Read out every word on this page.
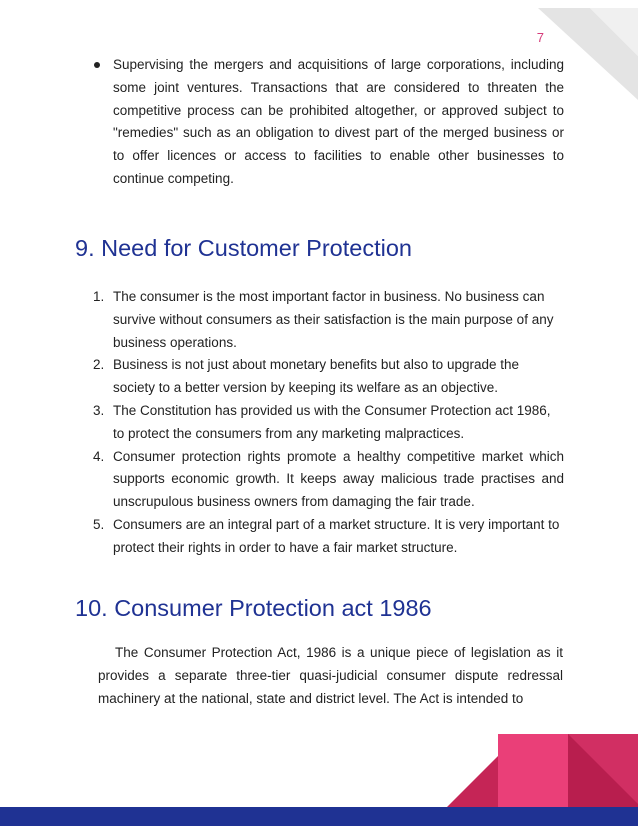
7
Supervising the mergers and acquisitions of large corporations, including some joint ventures. Transactions that are considered to threaten the competitive process can be prohibited altogether, or approved subject to "remedies" such as an obligation to divest part of the merged business or to offer licences or access to facilities to enable other businesses to continue competing.
9. Need for Customer Protection
1. The consumer is the most important factor in business. No business can survive without consumers as their satisfaction is the main purpose of any business operations.
2. Business is not just about monetary benefits but also to upgrade the society to a better version by keeping its welfare as an objective.
3. The Constitution has provided us with the Consumer Protection act 1986, to protect the consumers from any marketing malpractices.
4. Consumer protection rights promote a healthy competitive market which supports economic growth. It keeps away malicious trade practises and unscrupulous business owners from damaging the fair trade.
5. Consumers are an integral part of a market structure. It is very important to protect their rights in order to have a fair market structure.
10. Consumer Protection act 1986

The Consumer Protection Act, 1986 is a unique piece of legislation as it provides a separate three-tier quasi-judicial consumer dispute redressal machinery at the national, state and district level. The Act is intended to
